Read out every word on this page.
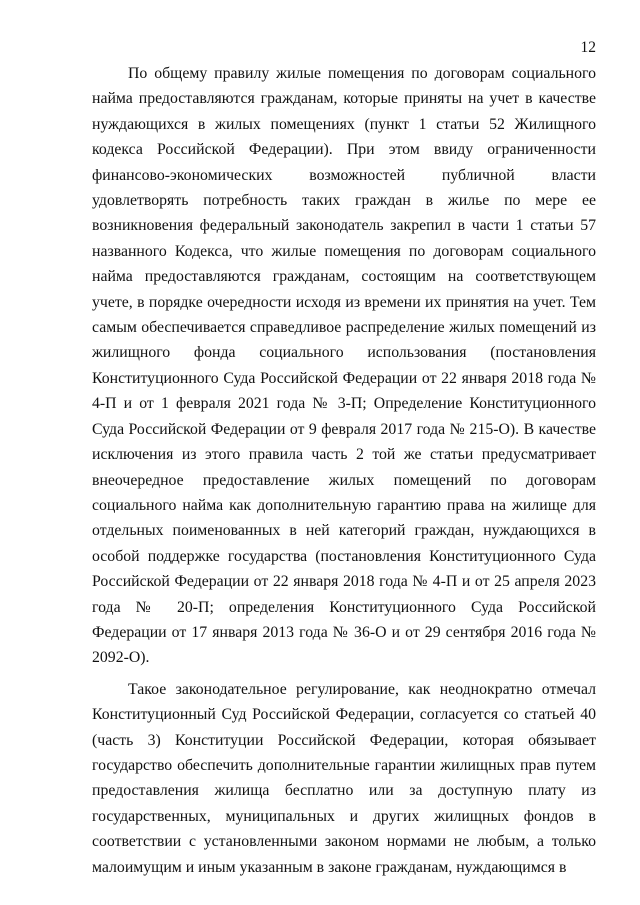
12

По общему правилу жилые помещения по договорам социального найма предоставляются гражданам, которые приняты на учет в качестве нуждающихся в жилых помещениях (пункт 1 статьи 52 Жилищного кодекса Российской Федерации). При этом ввиду ограниченности финансово-экономических возможностей публичной власти удовлетворять потребность таких граждан в жилье по мере ее возникновения федеральный законодатель закрепил в части 1 статьи 57 названного Кодекса, что жилые помещения по договорам социального найма предоставляются гражданам, состоящим на соответствующем учете, в порядке очередности исходя из времени их принятия на учет. Тем самым обеспечивается справедливое распределение жилых помещений из жилищного фонда социального использования (постановления Конституционного Суда Российской Федерации от 22 января 2018 года № 4-П и от 1 февраля 2021 года № 3-П; Определение Конституционного Суда Российской Федерации от 9 февраля 2017 года № 215-О). В качестве исключения из этого правила часть 2 той же статьи предусматривает внеочередное предоставление жилых помещений по договорам социального найма как дополнительную гарантию права на жилище для отдельных поименованных в ней категорий граждан, нуждающихся в особой поддержке государства (постановления Конституционного Суда Российской Федерации от 22 января 2018 года № 4-П и от 25 апреля 2023 года № 20-П; определения Конституционного Суда Российской Федерации от 17 января 2013 года № 36-О и от 29 сентября 2016 года № 2092-О).

Такое законодательное регулирование, как неоднократно отмечал Конституционный Суд Российской Федерации, согласуется со статьей 40 (часть 3) Конституции Российской Федерации, которая обязывает государство обеспечить дополнительные гарантии жилищных прав путем предоставления жилища бесплатно или за доступную плату из государственных, муниципальных и других жилищных фондов в соответствии с установленными законом нормами не любым, а только малоимущим и иным указанным в законе гражданам, нуждающимся в
